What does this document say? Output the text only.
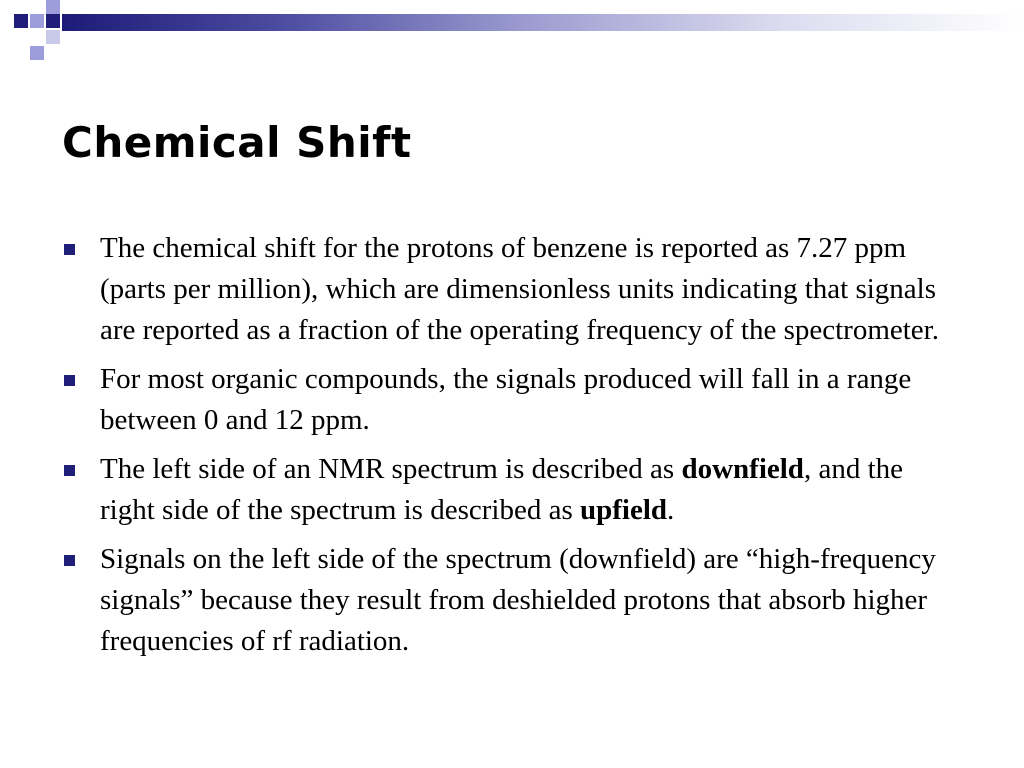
Chemical Shift
The chemical shift for the protons of benzene is reported as 7.27 ppm (parts per million), which are dimensionless units indicating that signals are reported as a fraction of the operating frequency of the spectrometer.
For most organic compounds, the signals produced will fall in a range between 0 and 12 ppm.
The left side of an NMR spectrum is described as downfield, and the right side of the spectrum is described as upfield.
Signals on the left side of the spectrum (downfield) are “high-frequency signals” because they result from deshielded protons that absorb higher frequencies of rf radiation.
